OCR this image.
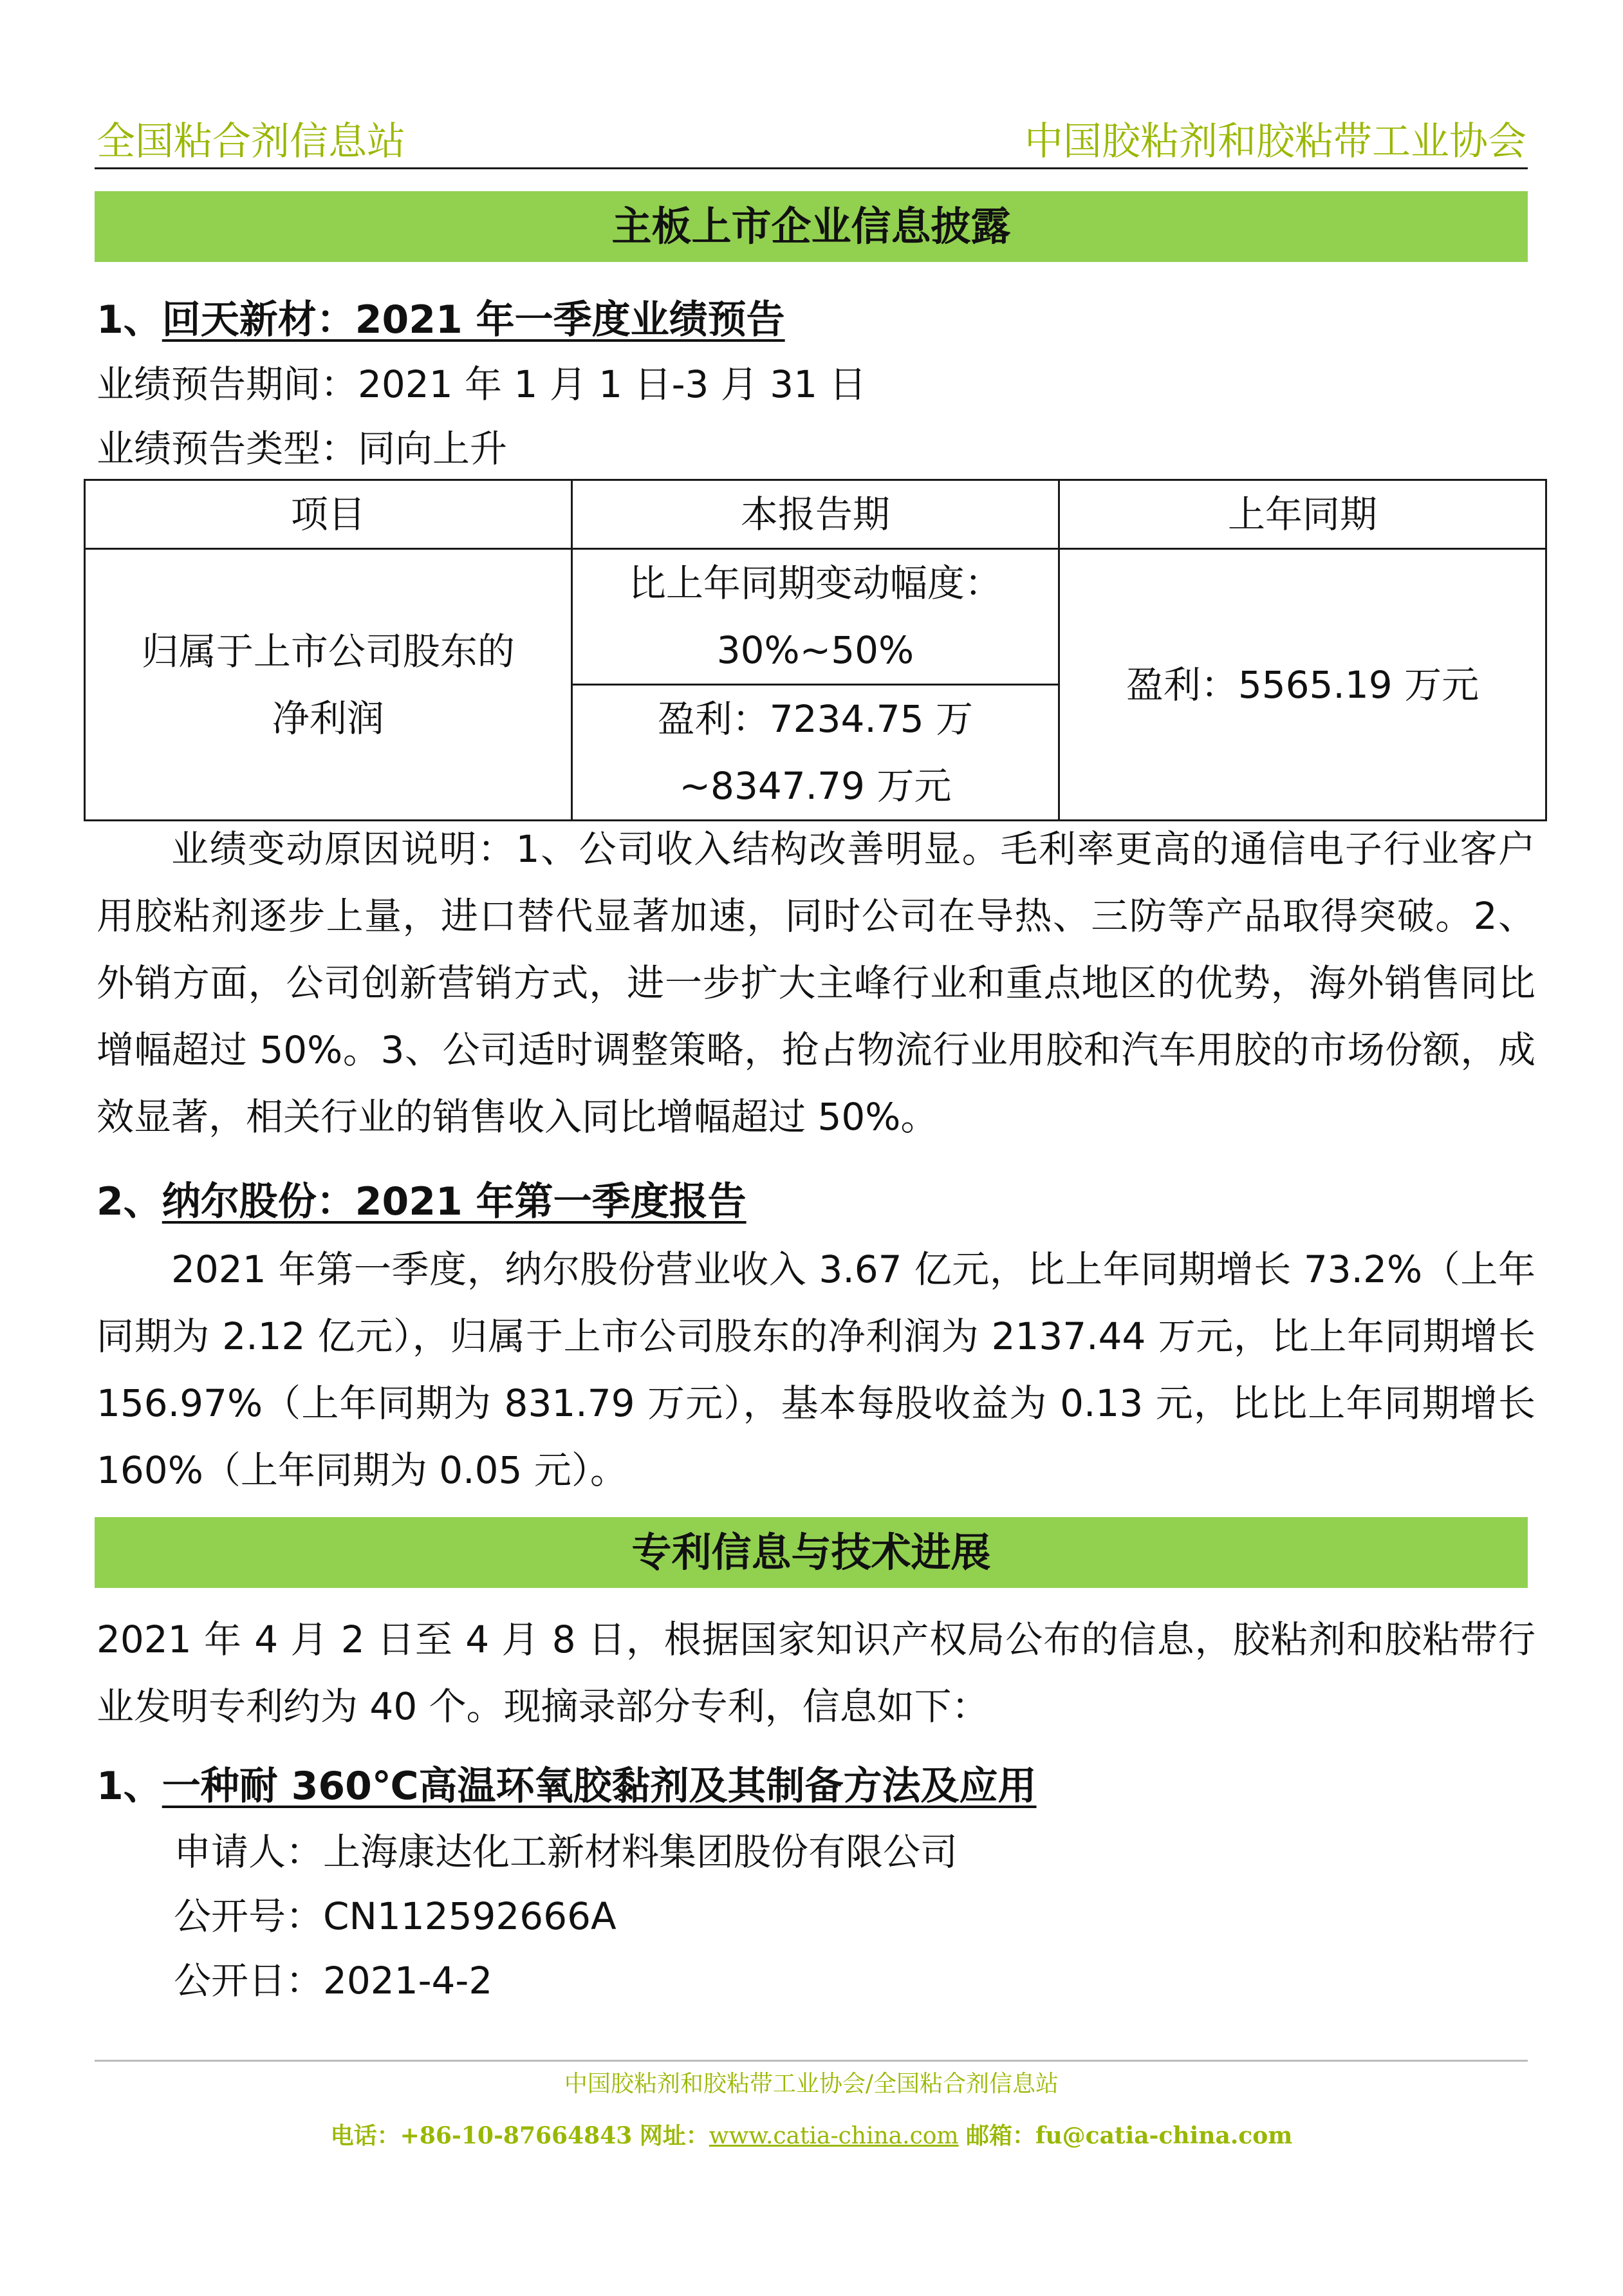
全国粘合剂信息站	中国胶粘剂和胶粘带工业协会
主板上市企业信息披露
1、回天新材：2021 年一季度业绩预告
业绩预告期间：2021 年 1 月 1 日-3 月 31 日
业绩预告类型：同向上升
项目	本报告期	上年同期
归属于上市公司股东的净利润	比上年同期变动幅度：30%~50%	盈利：5565.19 万元
	盈利：7234.75 万~8347.79 万元	
业绩变动原因说明：1、公司收入结构改善明显。毛利率更高的通信电子行业客户用胶粘剂逐步上量，进口替代显著加速，同时公司在导热、三防等产品取得突破。2、外销方面，公司创新营销方式，进一步扩大主峰行业和重点地区的优势，海外销售同比增幅超过 50%。3、公司适时调整策略，抢占物流行业用胶和汽车用胶的市场份额，成效显著，相关行业的销售收入同比增幅超过 50%。
2、纳尔股份：2021 年第一季度报告
2021 年第一季度，纳尔股份营业收入 3.67 亿元，比上年同期增长 73.2%（上年同期为 2.12 亿元），归属于上市公司股东的净利润为 2137.44 万元，比上年同期增长 156.97%（上年同期为 831.79 万元），基本每股收益为 0.13 元，比比上年同期增长 160%（上年同期为 0.05 元）。
专利信息与技术进展
2021 年 4 月 2 日至 4 月 8 日，根据国家知识产权局公布的信息，胶粘剂和胶粘带行业发明专利约为 40 个。现摘录部分专利，信息如下：
1、一种耐 360℃高温环氧胶黏剂及其制备方法及应用
申请人：上海康达化工新材料集团股份有限公司
公开号：CN112592666A
公开日：2021-4-2
中国胶粘剂和胶粘带工业协会/全国粘合剂信息站
电话：+86-10-87664843 网址：www.catia-china.com 邮箱：fu@catia-china.com
